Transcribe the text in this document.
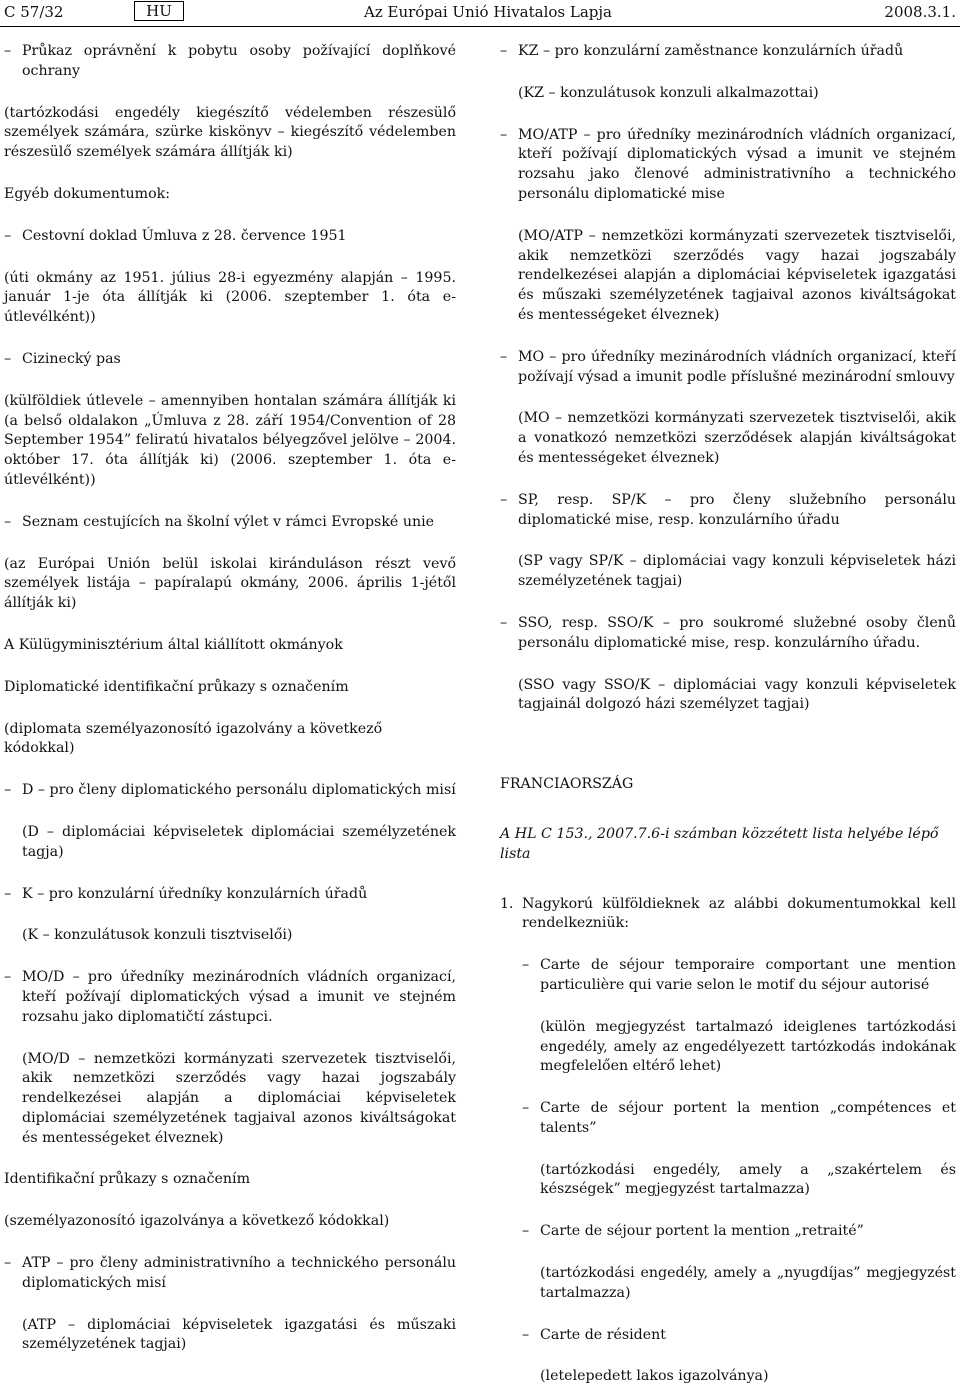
C 57/32	HU	Az Európai Unió Hivatalos Lapja	2008.3.1.
– Průkaz oprávnění k pobytu osoby požívající doplňkové ochrany
(tartózkodási engedély kiegészítő védelemben részesülő személyek számára, szürke kiskönyv – kiegészítő védelemben részesülő személyek számára állítják ki)
Egyéb dokumentumok:
– Cestovní doklad Úmluva z 28. července 1951
(úti okmány az 1951. július 28-i egyezmény alapján – 1995. január 1-je óta állítják ki (2006. szeptember 1. óta e-útlevélként))
– Cizinecký pas
(külföldiek útlevele – amennyiben hontalan számára állítják ki (a belső oldalakon „Úmluva z 28. září 1954/Convention of 28 September 1954” feliratú hivatalos bélyegzővel jelölve – 2004. október 17. óta állítják ki) (2006. szeptember 1. óta e-útlevélként))
– Seznam cestujících na školní výlet v rámci Evropské unie
(az Európai Unión belül iskolai kiránduláson részt vevő személyek listája – papíralapú okmány, 2006. április 1-jétől állítják ki)
A Külügyminisztérium által kiállított okmányok
Diplomatické identifikační průkazy s označením
(diplomata személyazonosító igazolvány a következő kódokkal)
– D – pro členy diplomatického personálu diplomatických misí
(D – diplomáciai képviseletek diplomáciai személyzetének tagja)
– K – pro konzulární úředníky konzulárních úřadů
(K – konzulátusok konzuli tisztviselői)
– MO/D – pro úředníky mezinárodních vládních organizací, kteří požívají diplomatických výsad a imunit ve stejném rozsahu jako diplomatičtí zástupci.
(MO/D – nemzetközi kormányzati szervezetek tisztviselői, akik nemzetközi szerződés vagy hazai jogszabály rendelkezései alapján a diplomáciai képviseletek diplomáciai személyzetének tagjaival azonos kiváltságokat és mentességeket élveznek)
Identifikační průkazy s označením
(személyazonosító igazolványa a következő kódokkal)
– ATP – pro členy administrativního a technického personálu diplomatických misí
(ATP – diplomáciai képviseletek igazgatási és műszaki személyzetének tagjai)
– KZ – pro konzulární zaměstnance konzulárních úřadů
(KZ – konzulátusok konzuli alkalmazottai)
– MO/ATP – pro úředníky mezinárodních vládních organizací, kteří požívají diplomatických výsad a imunit ve stejném rozsahu jako členové administrativního a technického personálu diplomatické mise
(MO/ATP – nemzetközi kormányzati szervezetek tisztviselői, akik nemzetközi szerződés vagy hazai jogszabály rendelkezései alapján a diplomáciai képviseletek igazgatási és műszaki személyzetének tagjaival azonos kiváltságokat és mentességeket élveznek)
– MO – pro úředníky mezinárodních vládních organizací, kteří požívají výsad a imunit podle příslušné mezinárodní smlouvy
(MO – nemzetközi kormányzati szervezetek tisztviselői, akik a vonatkozó nemzetközi szerződések alapján kiváltságokat és mentességeket élveznek)
– SP, resp. SP/K – pro členy služebního personálu diplomatické mise, resp. konzulárního úřadu
(SP vagy SP/K – diplomáciai vagy konzuli képviseletek házi személyzetének tagjai)
– SSO, resp. SSO/K – pro soukromé služebné osoby členů personálu diplomatické mise, resp. konzulárního úřadu.
(SSO vagy SSO/K – diplomáciai vagy konzuli képviseletek tagjainál dolgozó házi személyzet tagjai)
FRANCIAORSZÁG
A HL C 153., 2007.7.6-i számban közzétett lista helyébe lépő lista
1. Nagykorú külföldieknek az alábbi dokumentumokkal kell rendelkezniük:
– Carte de séjour temporaire comportant une mention particulière qui varie selon le motif du séjour autorisé
(külön megjegyzést tartalmazó ideiglenes tartózkodási engedély, amely az engedélyezett tartózkodás indokának megfelelően eltérő lehet)
– Carte de séjour portent la mention „compétences et talents”
(tartózkodási engedély, amely a „szakértelem és készségek” megjegyzést tartalmazza)
– Carte de séjour portent la mention „retraité”
(tartózkodási engedély, amely a „nyugdíjas” megjegyzést tartalmazza)
– Carte de résident
(letelepedett lakos igazolványa)
